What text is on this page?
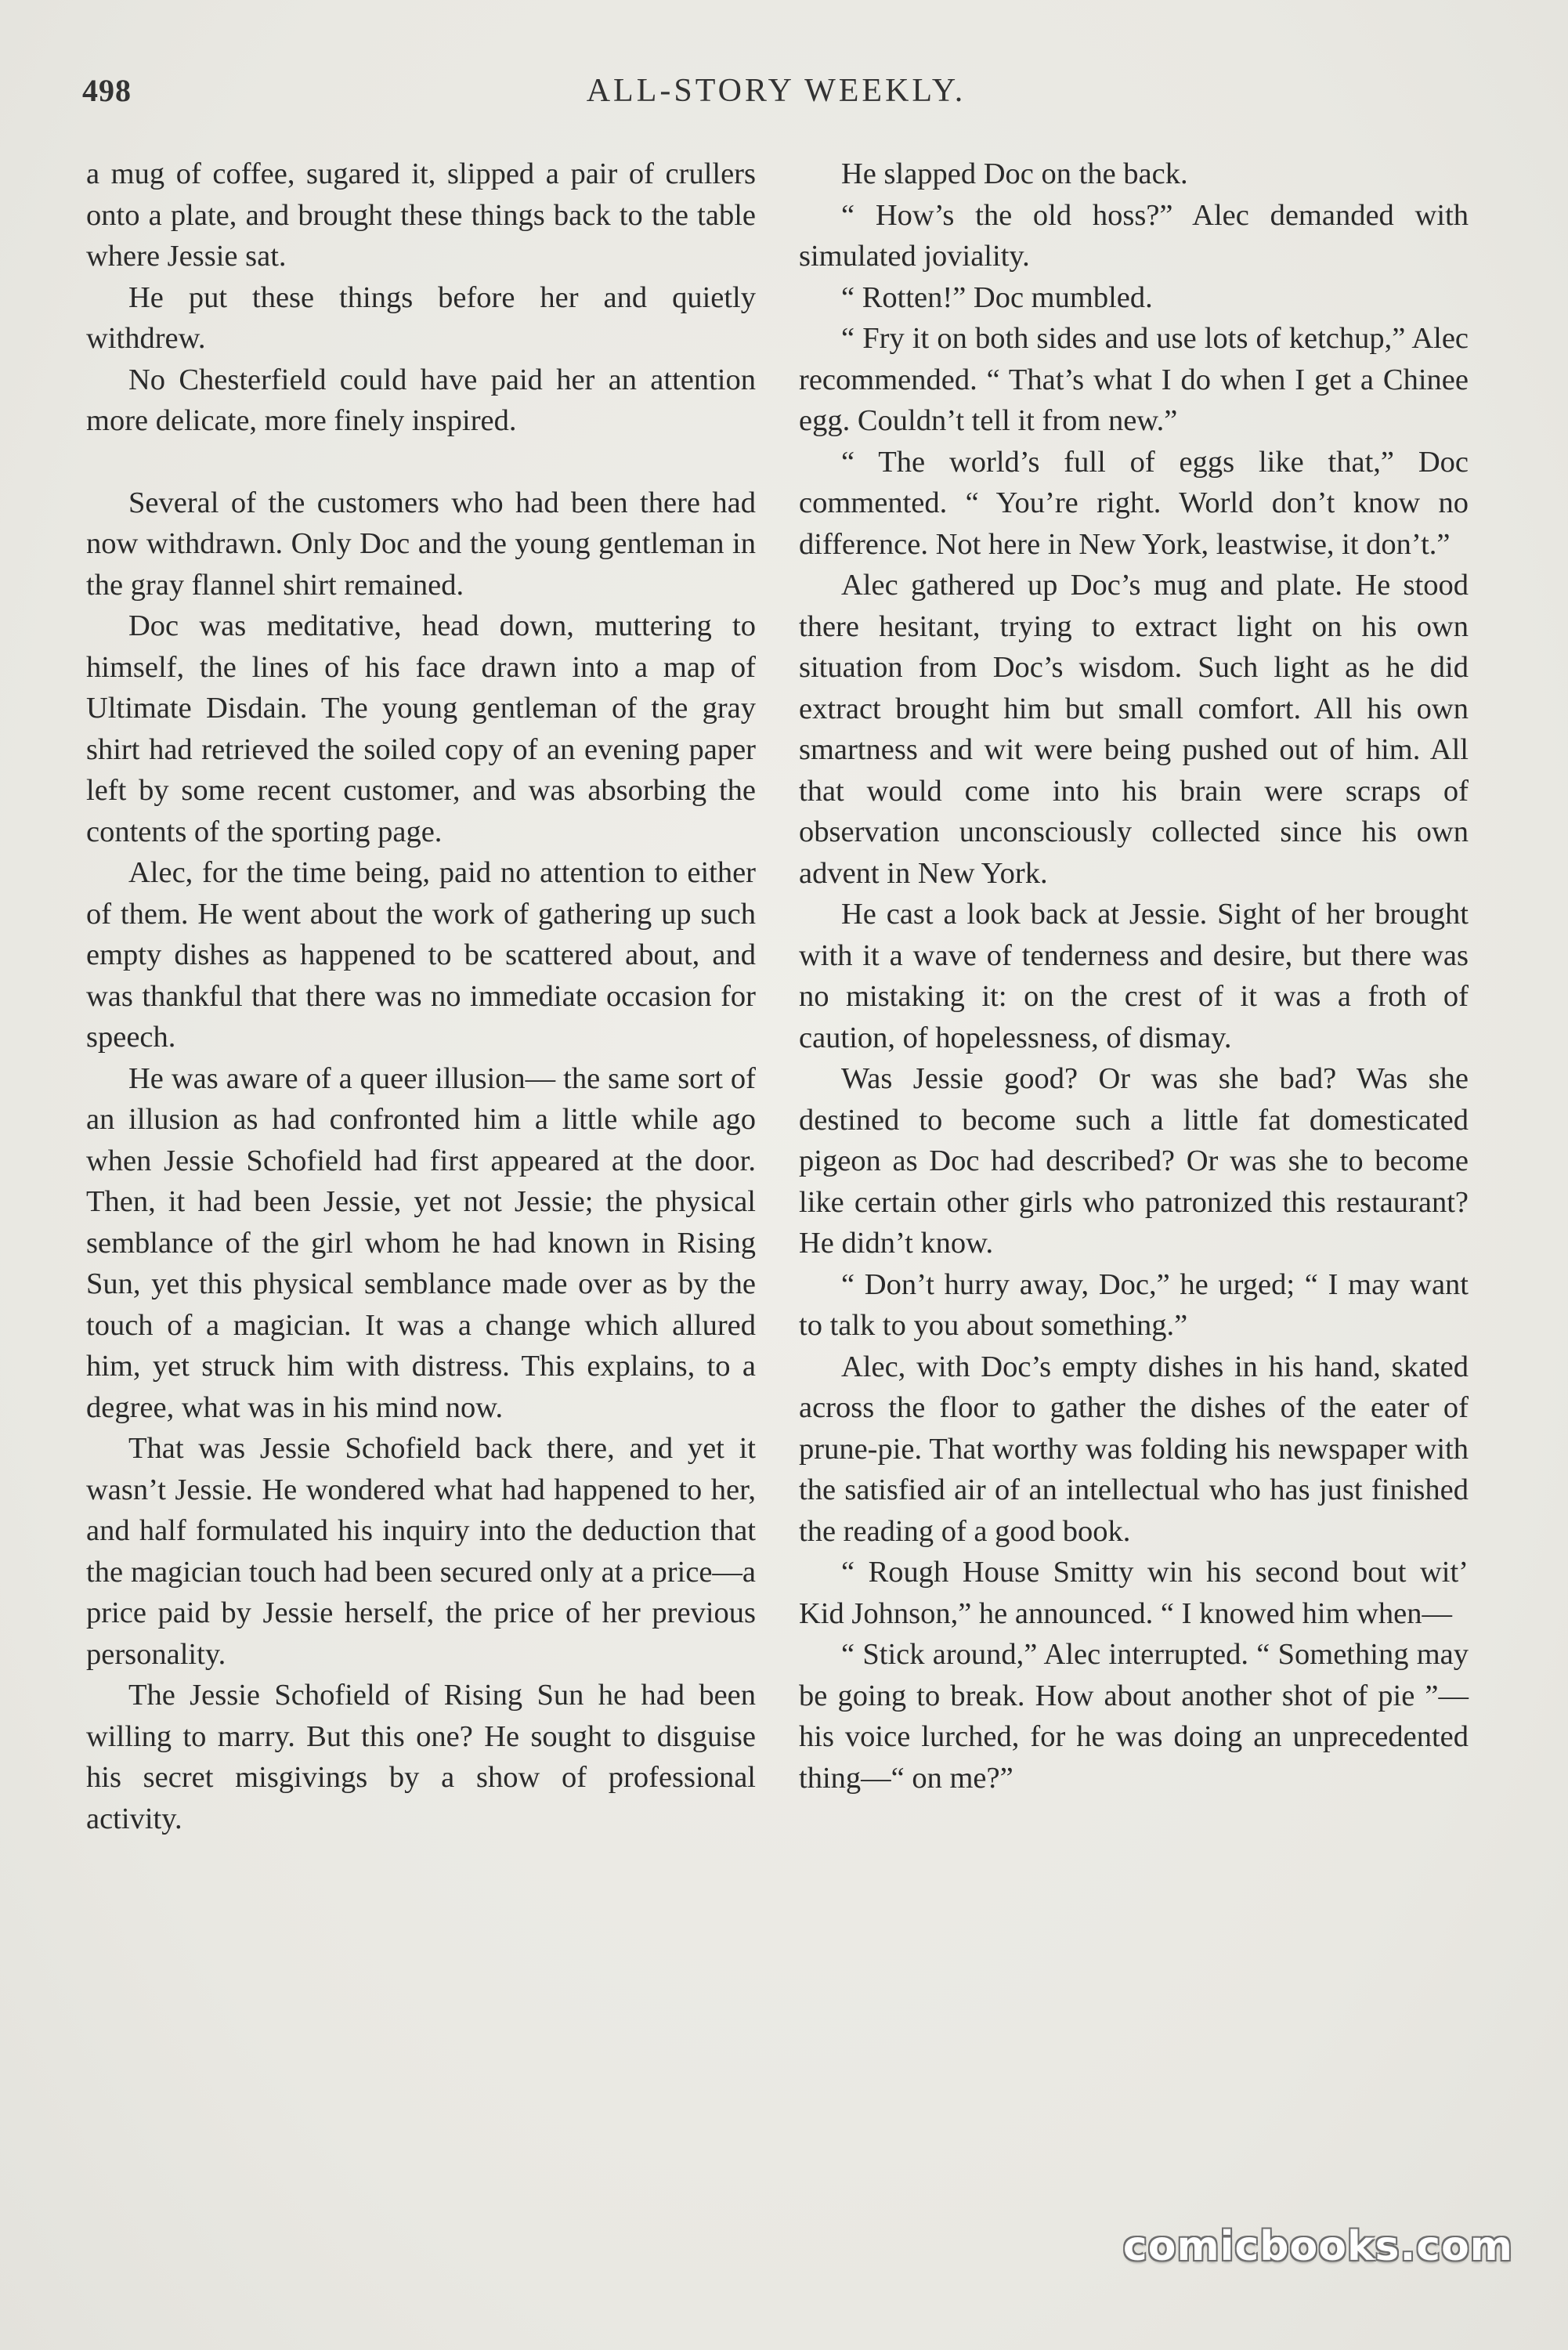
498	ALL-STORY WEEKLY.

a mug of coffee, sugared it, slipped a pair of crullers onto a plate, and brought these things back to the table where Jessie sat.

He put these things before her and quietly withdrew.

No Chesterfield could have paid her an attention more delicate, more finely inspired.

Several of the customers who had been there had now withdrawn. Only Doc and the young gentleman in the gray flannel shirt remained.

Doc was meditative, head down, muttering to himself, the lines of his face drawn into a map of Ultimate Disdain. The young gentleman of the gray shirt had retrieved the soiled copy of an evening paper left by some recent customer, and was absorbing the contents of the sporting page.

Alec, for the time being, paid no attention to either of them. He went about the work of gathering up such empty dishes as happened to be scattered about, and was thankful that there was no immediate occasion for speech.

He was aware of a queer illusion— the same sort of an illusion as had confronted him a little while ago when Jessie Schofield had first appeared at the door. Then, it had been Jessie, yet not Jessie; the physical semblance of the girl whom he had known in Rising Sun, yet this physical semblance made over as by the touch of a magician. It was a change which allured him, yet struck him with distress. This explains, to a degree, what was in his mind now.

That was Jessie Schofield back there, and yet it wasn’t Jessie. He wondered what had happened to her, and half formulated his inquiry into the deduction that the magician touch had been secured only at a price—a price paid by Jessie herself, the price of her previous personality.

The Jessie Schofield of Rising Sun he had been willing to marry. But this one? He sought to disguise his secret misgivings by a show of professional activity.

He slapped Doc on the back.

“ How’s the old hoss?” Alec demanded with simulated joviality.

“ Rotten!” Doc mumbled.

“ Fry it on both sides and use lots of ketchup,” Alec recommended. “ That’s what I do when I get a Chinee egg. Couldn’t tell it from new.”

“ The world’s full of eggs like that,” Doc commented. “ You’re right. World don’t know no difference. Not here in New York, leastwise, it don’t.”

Alec gathered up Doc’s mug and plate. He stood there hesitant, trying to extract light on his own situation from Doc’s wisdom. Such light as he did extract brought him but small comfort. All his own smartness and wit were being pushed out of him. All that would come into his brain were scraps of observation unconsciously collected since his own advent in New York.

He cast a look back at Jessie. Sight of her brought with it a wave of tenderness and desire, but there was no mistaking it: on the crest of it was a froth of caution, of hopelessness, of dismay.

Was Jessie good? Or was she bad? Was she destined to become such a little fat domesticated pigeon as Doc had described? Or was she to become like certain other girls who patronized this restaurant? He didn’t know.

“ Don’t hurry away, Doc,” he urged; “ I may want to talk to you about something.”

Alec, with Doc’s empty dishes in his hand, skated across the floor to gather the dishes of the eater of prune-pie. That worthy was folding his newspaper with the satisfied air of an intellectual who has just finished the reading of a good book.

“ Rough House Smitty win his second bout wit’ Kid Johnson,” he announced. “ I knowed him when—

“ Stick around,” Alec interrupted. “ Something may be going to break. How about another shot of pie ”—his voice lurched, for he was doing an unprecedented thing—“ on me?”

comicbooks.com
